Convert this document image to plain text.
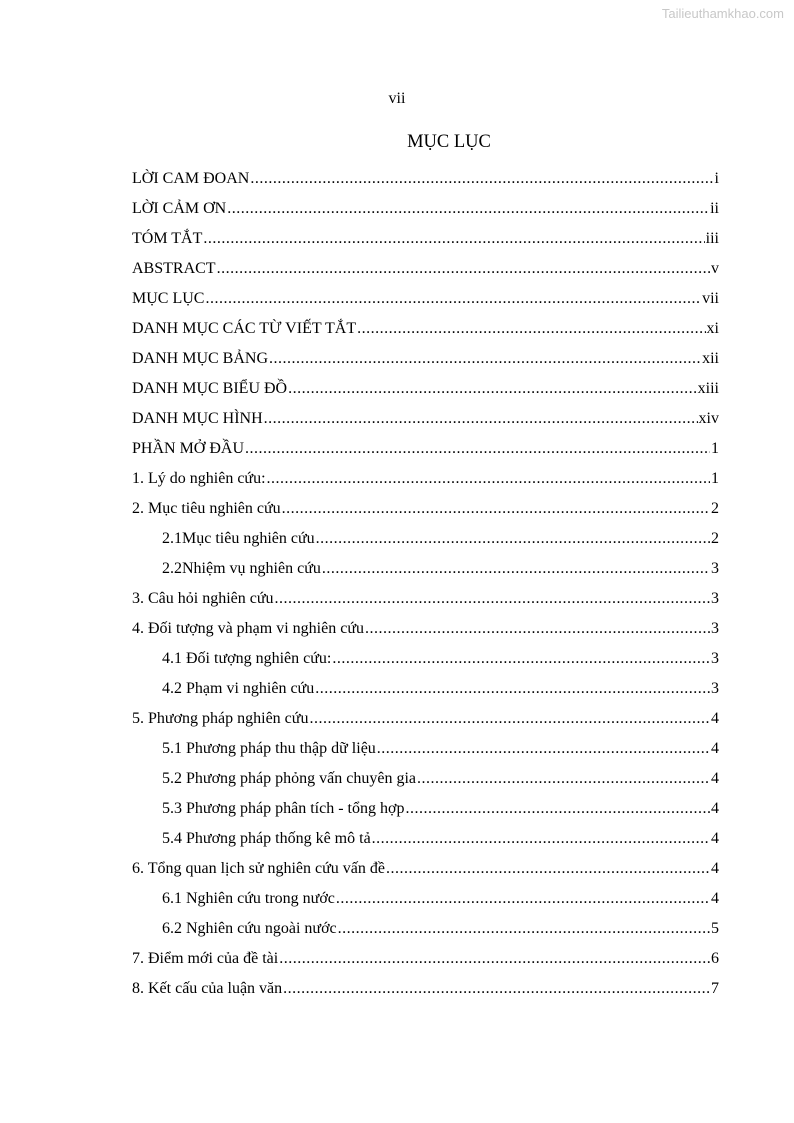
Tailieuthamkhao.com
vii
MỤC LỤC
LỜI CAM ĐOAN .....	i
LỜI CẢM ƠN .....	ii
TÓM TẮT .....	iii
ABSTRACT .....	v
MỤC LỤC .....	vii
DANH MỤC CÁC TỪ VIẾT TẮT .....	xi
DANH MỤC BẢNG .....	xii
DANH MỤC BIỂU ĐỒ .....	xiii
DANH MỤC HÌNH .....	xiv
PHẦN MỞ ĐẦU .....	1
1. Lý do nghiên cứu: .....	1
2. Mục tiêu nghiên cứu .....	2
2.1Mục tiêu nghiên cứu .....	2
2.2Nhiệm vụ nghiên cứu .....	3
3. Câu hỏi nghiên cứu .....	3
4. Đối tượng và phạm vi nghiên cứu .....	3
4.1 Đối tượng nghiên cứu: .....	3
4.2 Phạm vi nghiên cứu .....	3
5. Phương pháp nghiên cứu .....	4
5.1 Phương pháp thu thập dữ liệu .....	4
5.2 Phương pháp phỏng vấn chuyên gia .....	4
5.3 Phương pháp phân tích - tổng hợp .....	4
5.4 Phương pháp thống kê mô tả .....	4
6. Tổng quan lịch sử nghiên cứu vấn đề .....	4
6.1 Nghiên cứu trong nước .....	4
6.2 Nghiên cứu ngoài nước .....	5
7. Điểm mới của đề tài .....	6
8. Kết cấu của luận văn .....	7
